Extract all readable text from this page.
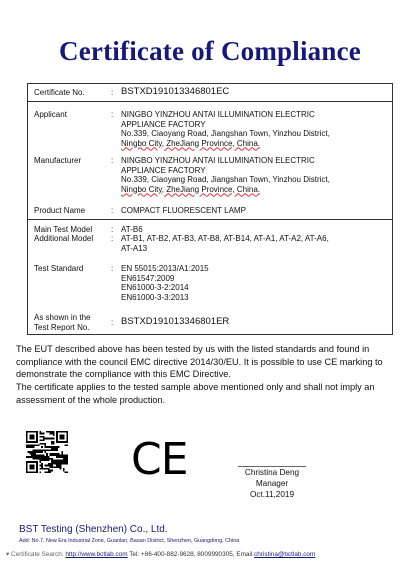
Certificate of Compliance
Certificate No.	: BSTXD191013346801EC
Applicant	: NINGBO YINZHOU ANTAI ILLUMINATION ELECTRIC
APPLIANCE FACTORY
No.339, Ciaoyang Road, Jiangshan Town, Yinzhou District,
Ningbo City, ZheJiang Province, China.
Manufacturer	: NINGBO YINZHOU ANTAI ILLUMINATION ELECTRIC
APPLIANCE FACTORY
No.339, Ciaoyang Road, Jiangshan Town, Yinzhou District,
Ningbo City, ZheJiang Province, China.
Product Name	: COMPACT FLUORESCENT LAMP
Main Test Model : AT-B6
Additional Model : AT-B1, AT-B2, AT-B3, AT-B8, AT-B14, AT-A1, AT-A2, AT-A6,
AT-A13
Test Standard	: EN 55015:2013/A1:2015
EN61547:2009
EN61000-3-2:2014
EN61000-3-3:2013
As shown in the
Test Report No.	: BSTXD191013346801ER
The EUT described above has been tested by us with the listed standards and found in compliance with the council EMC directive 2014/30/EU. It is possible to use CE marking to demonstrate the compliance with this EMC Directive.
The certificate applies to the tested sample above mentioned only and shall not imply an assessment of the whole production.
CE	Christina Deng
Manager
Oct.11,2019
BST Testing (Shenzhen) Co., Ltd.
Add: No.7, New Era Industrial Zone, Guanlan, Baoan District, Shenzhen, Guangdong, China
▾ Certificate Search: http://www.bctlab.com Tel: +86-400-882-9628, 8009990305, Email:christina@bctlab.com
